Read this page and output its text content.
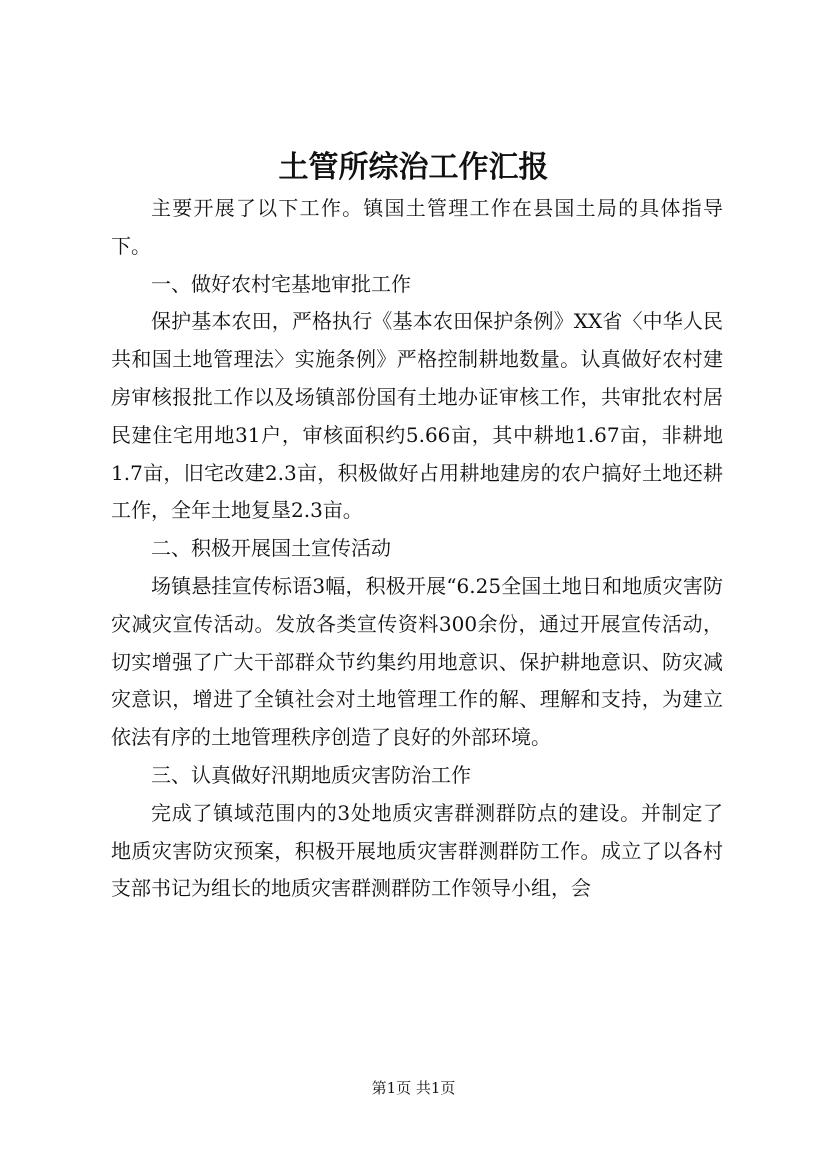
土管所综治工作汇报

主要开展了以下工作。镇国土管理工作在县国土局的具体指导下。

一、做好农村宅基地审批工作

保护基本农田，严格执行《基本农田保护条例》XX省〈中华人民共和国土地管理法〉实施条例》严格控制耕地数量。认真做好农村建房审核报批工作以及场镇部份国有土地办证审核工作，共审批农村居民建住宅用地31户，审核面积约5.66亩，其中耕地1.67亩，非耕地1.7亩，旧宅改建2.3亩，积极做好占用耕地建房的农户搞好土地还耕工作，全年土地复垦2.3亩。

二、积极开展国土宣传活动

场镇悬挂宣传标语3幅，积极开展“6.25全国土地日和地质灾害防灾减灾宣传活动。发放各类宣传资料300余份，通过开展宣传活动，切实增强了广大干部群众节约集约用地意识、保护耕地意识、防灾减灾意识，增进了全镇社会对土地管理工作的解、理解和支持，为建立依法有序的土地管理秩序创造了良好的外部环境。

三、认真做好汛期地质灾害防治工作

完成了镇域范围内的3处地质灾害群测群防点的建设。并制定了地质灾害防灾预案，积极开展地质灾害群测群防工作。成立了以各村支部书记为组长的地质灾害群测群防工作领导小组，会

第1页 共1页
